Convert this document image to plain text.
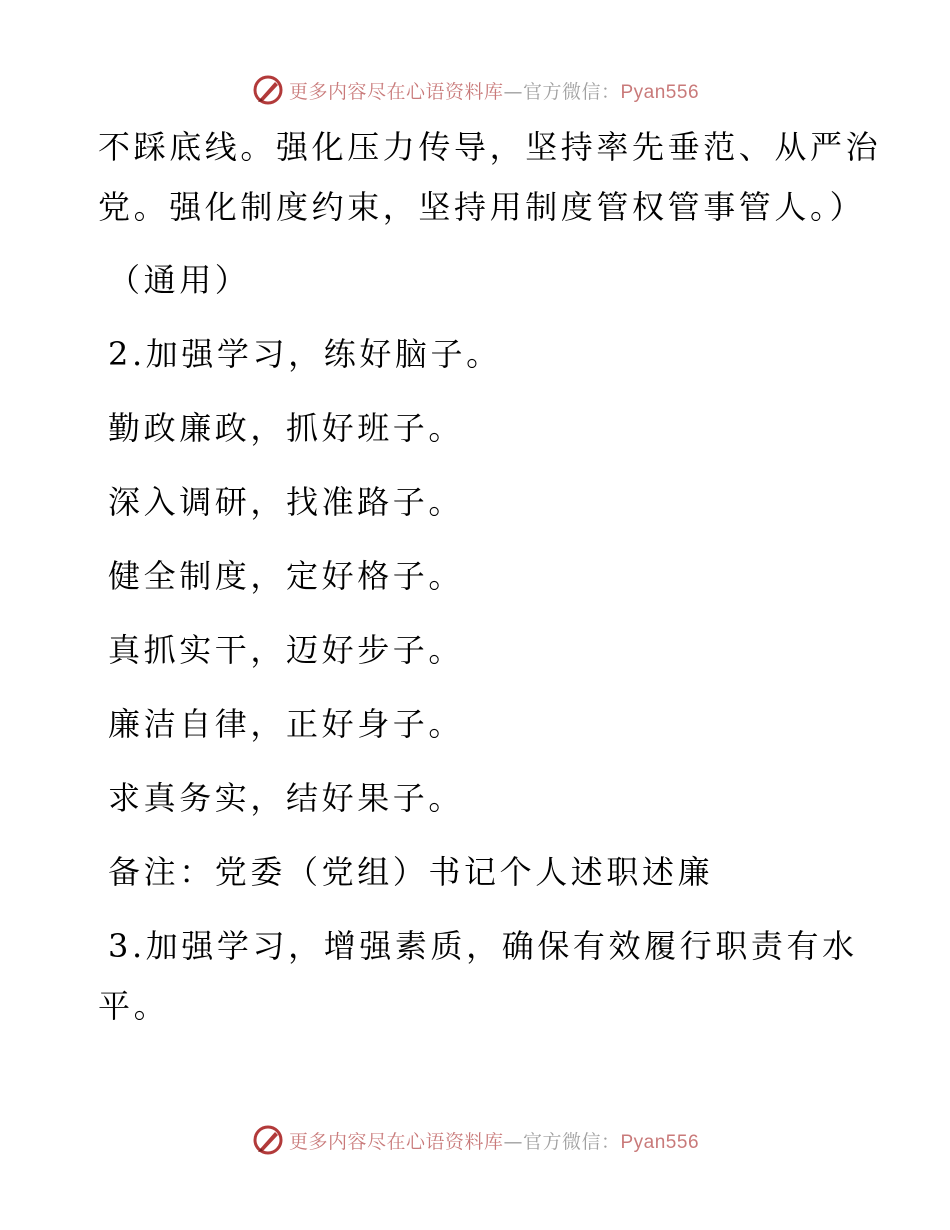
更多内容尽在心语资料库—官方微信：Pyan556
不踩底线。强化压力传导，坚持率先垂范、从严治
党。强化制度约束，坚持用制度管权管事管人。）
（通用）
2.加强学习，练好脑子。
勤政廉政，抓好班子。
深入调研，找准路子。
健全制度，定好格子。
真抓实干，迈好步子。
廉洁自律，正好身子。
求真务实，结好果子。
备注：党委（党组）书记个人述职述廉
3.加强学习，增强素质，确保有效履行职责有水
平。
更多内容尽在心语资料库—官方微信：Pyan556
